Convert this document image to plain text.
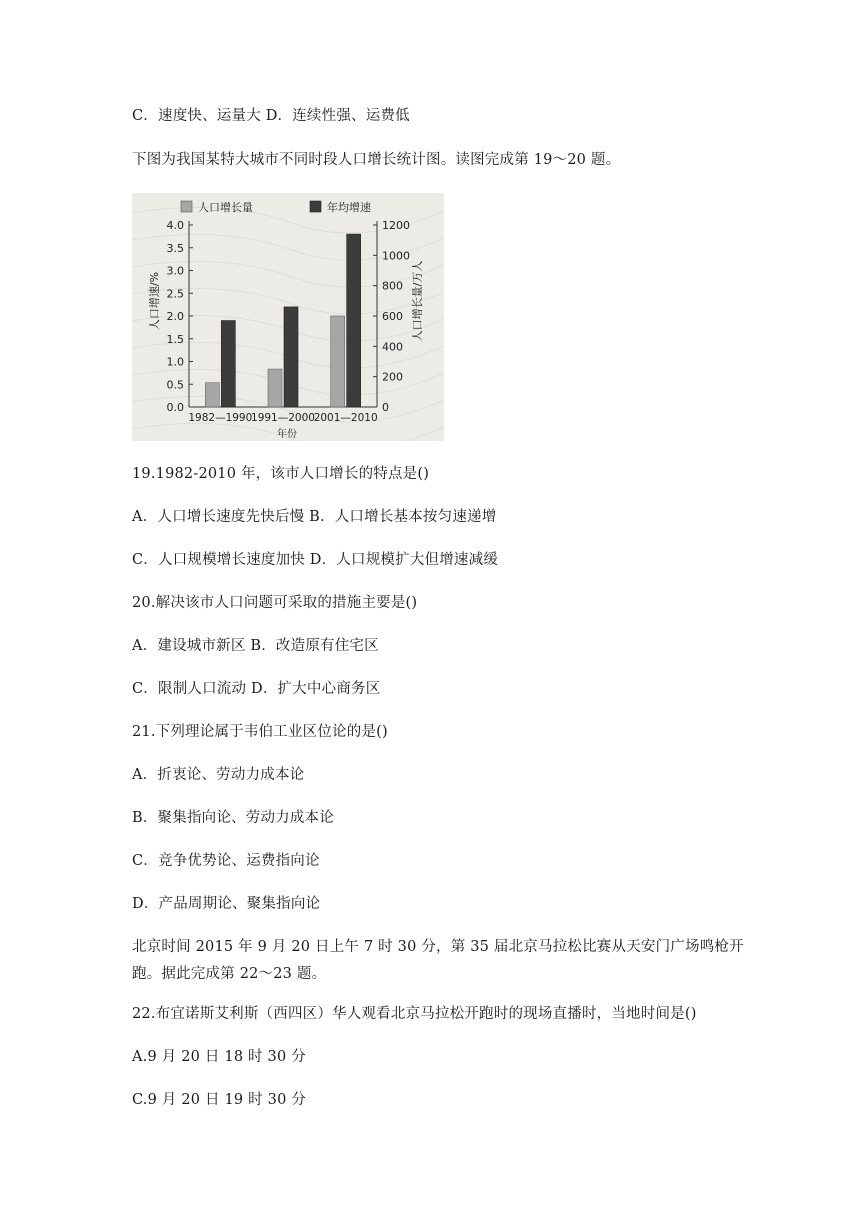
C．速度快、运量大 D．连续性强、运费低
下图为我国某特大城市不同时段人口增长统计图。读图完成第 19～20 题。
人口增长量	年均增速
人口增速/%	人口增长量/万人
年份
0.0
0.5
1.0
1.5
2.0
2.5
3.0
3.5
4.0
0
200
400
600
800
1000
1200
1982—1990
1991—2000
2001—2010
19.1982-2010 年，该市人口增长的特点是()
A．人口增长速度先快后慢 B．人口增长基本按匀速递增
C．人口规模增长速度加快 D．人口规模扩大但增速减缓
20.解决该市人口问题可采取的措施主要是()
A．建设城市新区 B．改造原有住宅区
C．限制人口流动 D．扩大中心商务区
21.下列理论属于韦伯工业区位论的是()
A．折衷论、劳动力成本论
B．聚集指向论、劳动力成本论
C．竞争优势论、运费指向论
D．产品周期论、聚集指向论
北京时间 2015 年 9 月 20 日上午 7 时 30 分，第 35 届北京马拉松比赛从天安门广场鸣枪开跑。据此完成第 22～23 题。
22.布宜诺斯艾利斯（西四区）华人观看北京马拉松开跑时的现场直播时，当地时间是()
A.9 月 20 日 18 时 30 分
C.9 月 20 日 19 时 30 分
